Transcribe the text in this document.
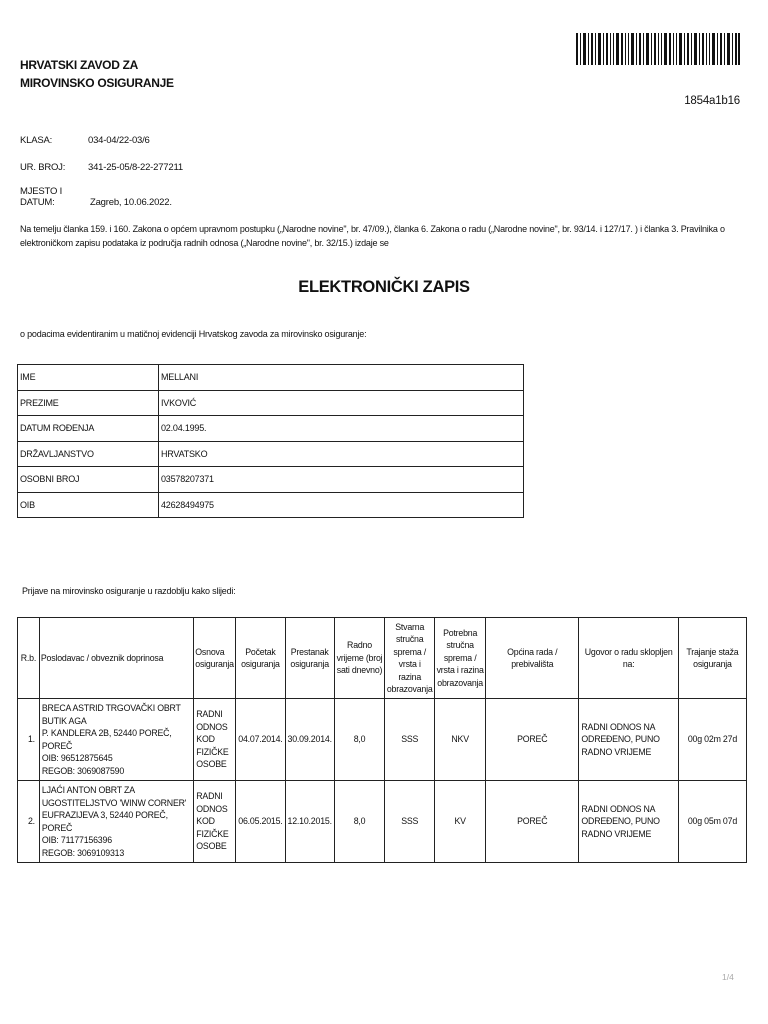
1854a1b16
HRVATSKI ZAVOD ZA
MIROVINSKO OSIGURANJE
KLASA:	034-04/22-03/6
UR. BROJ: 341-25-05/8-22-277211
MJESTO I DATUM:	Zagreb, 10.06.2022.
Na temelju članka 159. i 160. Zakona o općem upravnom postupku („Narodne novine", br. 47/09.), članka 6. Zakona o radu („Narodne novine", br. 93/14. i 127/17. ) i članka 3. Pravilnika o elektroničkom zapisu podataka iz područja radnih odnosa („Narodne novine", br. 32/15.) izdaje se
ELEKTRONIČKI ZAPIS
o podacima evidentiranim u matičnoj evidenciji Hrvatskog zavoda za mirovinsko osiguranje:
IME	MELLANI
PREZIME	IVKOVIĆ
DATUM ROĐENJA	02.04.1995.
DRŽAVLJANSTVO	HRVATSKO
OSOBNI BROJ	03578207371
OIB	42628494975
Prijave na mirovinsko osiguranje u razdoblju kako slijedi:
R.b.	Poslodavac / obveznik doprinosa	Osnova osiguranja	Početak osiguranja	Prestanak osiguranja	Radno vrijeme (broj sati dnevno)	Stvarna stručna sprema / vrsta i razina obrazovanja	Potrebna stručna sprema / vrsta i razina obrazovanja	Općina rada / prebivališta	Ugovor o radu sklopljen na:	Trajanje staža osiguranja
1.	BRECA ASTRID TRGOVAČKI OBRT BUTIK AGA
P. KANDLERA 2B, 52440 POREČ, POREČ
OIB: 96512875645
REGOB: 3069087590	RADNI ODNOS KOD FIZIČKE OSOBE	04.07.2014.	30.09.2014.	8,0	SSS	NKV	POREČ	RADNI ODNOS NA ODREĐENO, PUNO RADNO VRIJEME	00g 02m 27d
2.	LJAĆI ANTON OBRT ZA UGOSTITELJSTVO 'WINW CORNER'
EUFRAZIJEVA 3, 52440 POREČ, POREČ
OIB: 71177156396
REGOB: 3069109313	RADNI ODNOS KOD FIZIČKE OSOBE	06.05.2015.	12.10.2015.	8,0	SSS	KV	POREČ	RADNI ODNOS NA ODREĐENO, PUNO RADNO VRIJEME	00g 05m 07d
1/4
